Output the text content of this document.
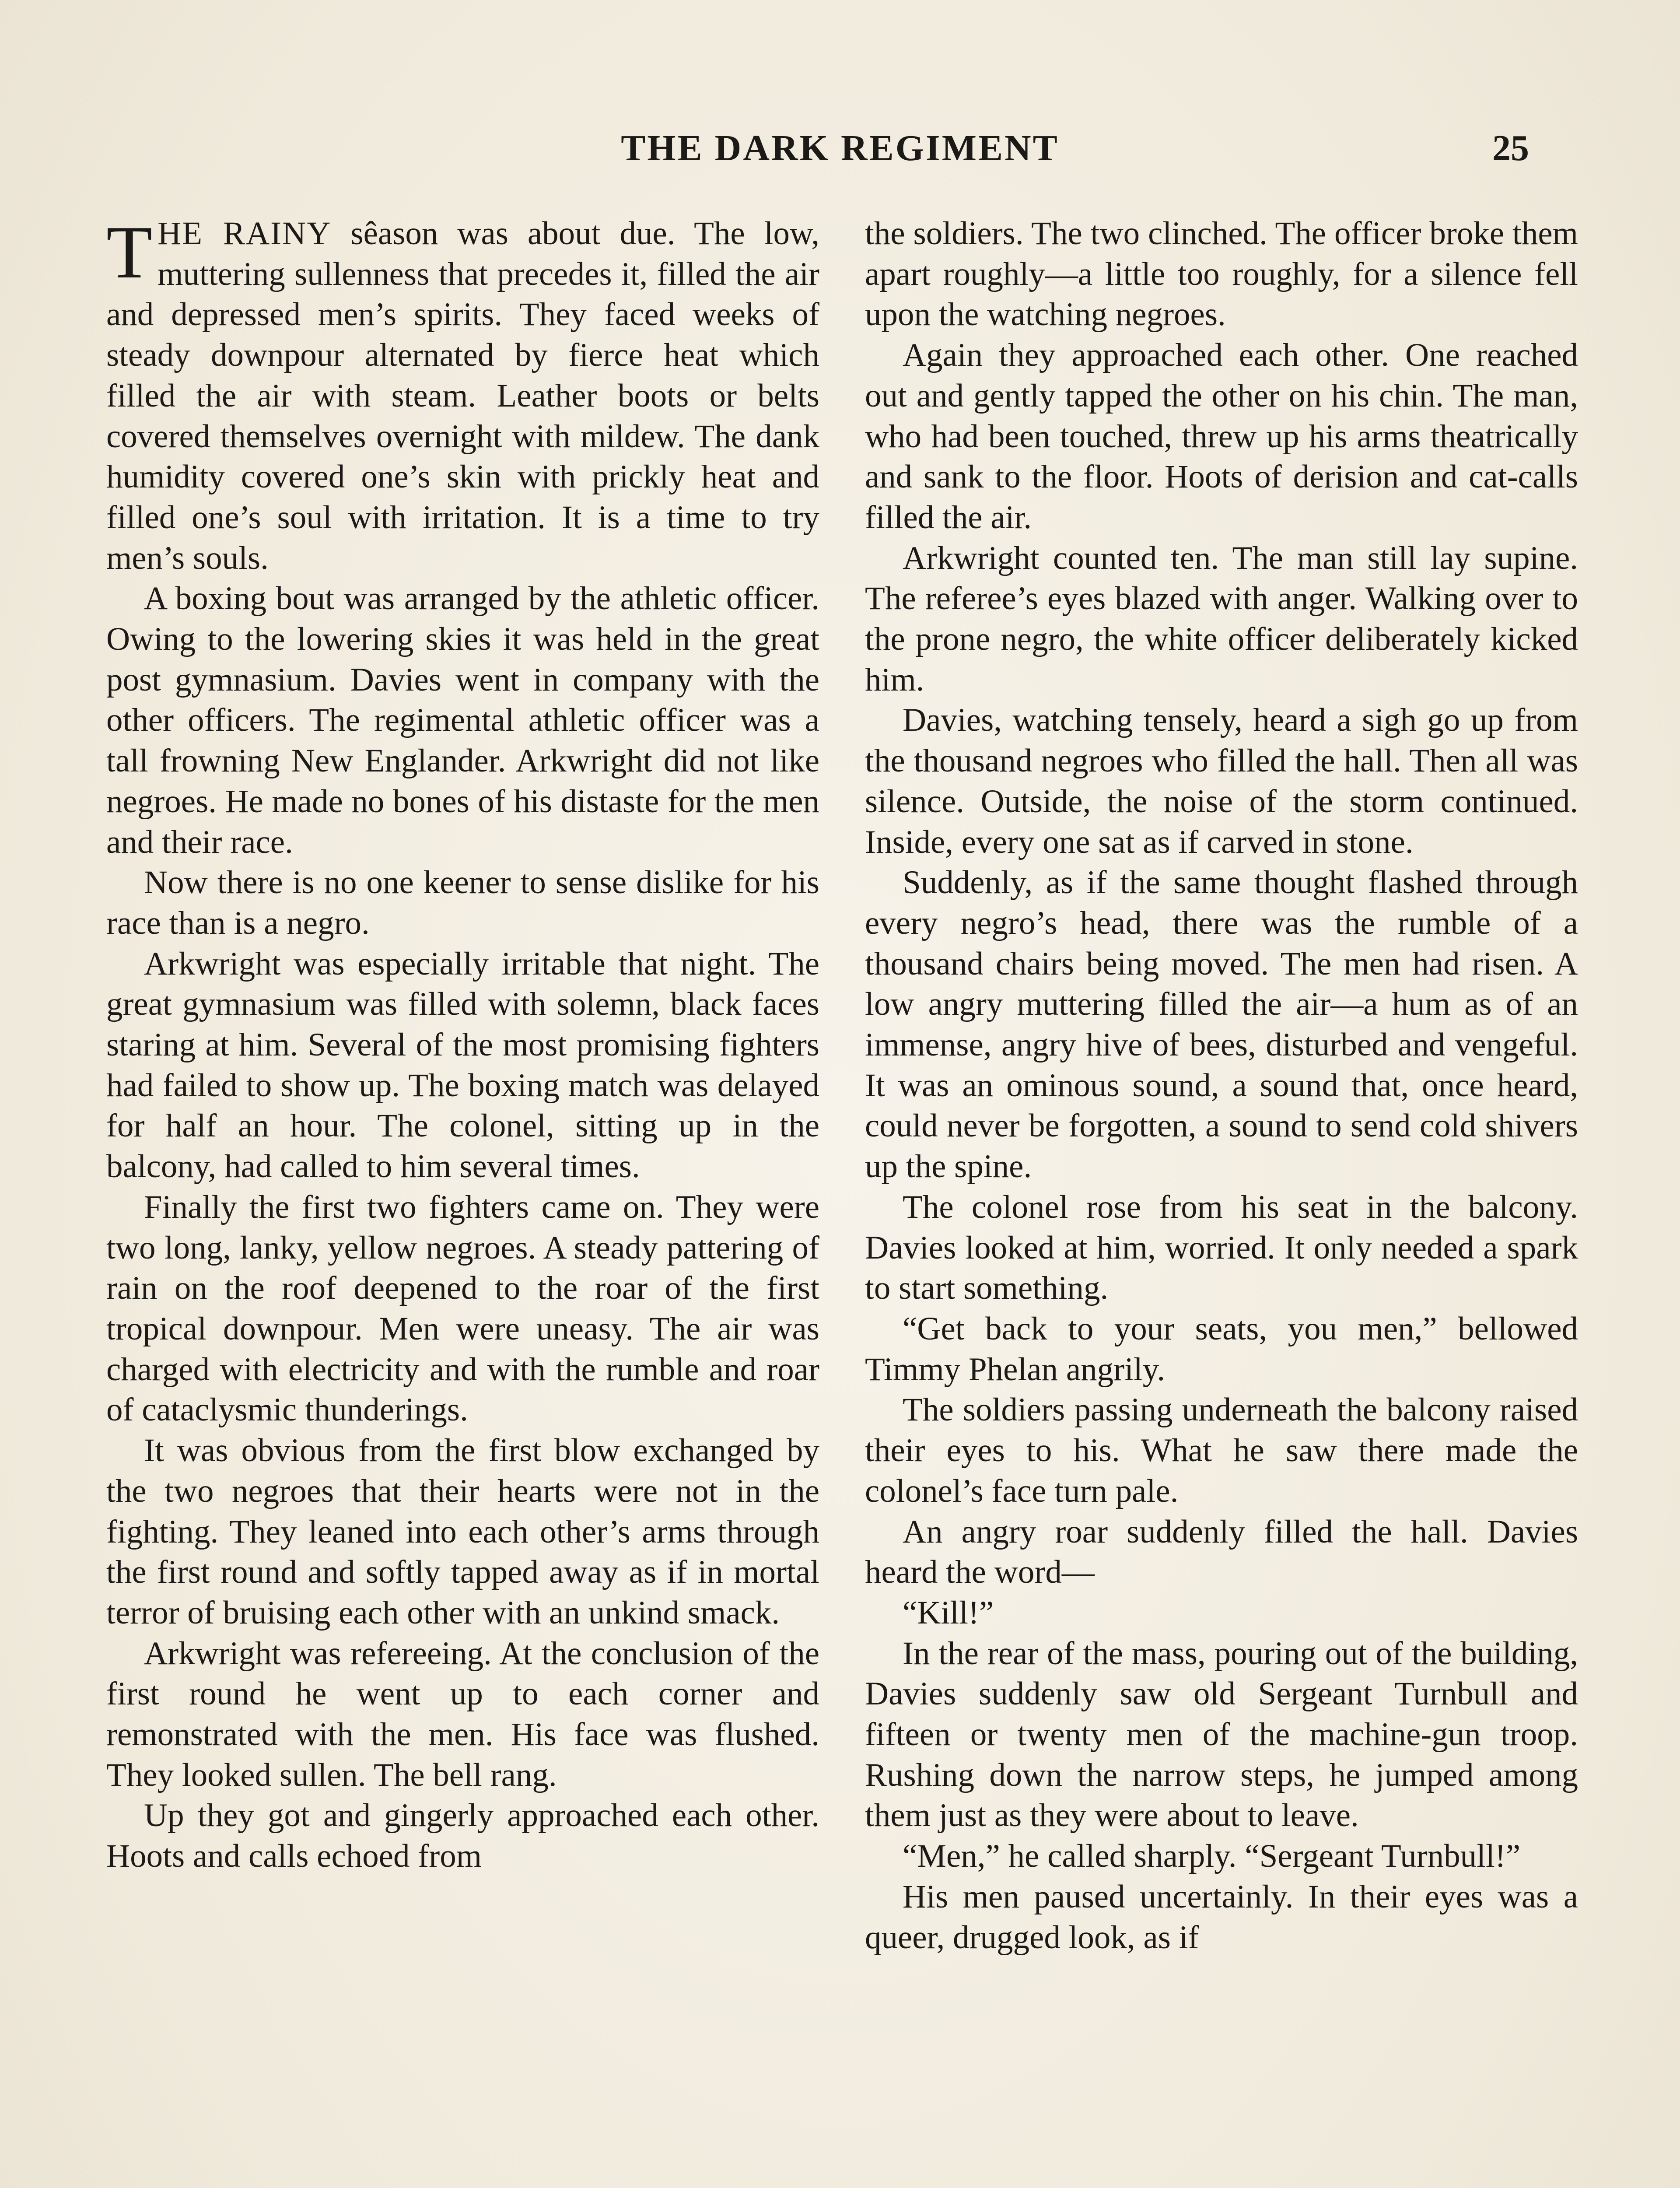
THE DARK REGIMENT	25

THE RAINY sêason was about due. The low, muttering sullenness that precedes it, filled the air and depressed men’s spirits. They faced weeks of steady downpour alternated by fierce heat which filled the air with steam. Leather boots or belts covered themselves overnight with mildew. The dank humidity covered one’s skin with prickly heat and filled one’s soul with irritation. It is a time to try men’s souls.

A boxing bout was arranged by the athletic officer. Owing to the lowering skies it was held in the great post gymnasium. Davies went in company with the other officers. The regimental athletic officer was a tall frowning New Englander. Arkwright did not like negroes. He made no bones of his distaste for the men and their race.

Now there is no one keener to sense dislike for his race than is a negro.

Arkwright was especially irritable that night. The great gymnasium was filled with solemn, black faces staring at him. Several of the most promising fighters had failed to show up. The boxing match was delayed for half an hour. The colonel, sitting up in the balcony, had called to him several times.

Finally the first two fighters came on. They were two long, lanky, yellow negroes. A steady pattering of rain on the roof deepened to the roar of the first tropical downpour. Men were uneasy. The air was charged with electricity and with the rumble and roar of cataclysmic thunderings.

It was obvious from the first blow exchanged by the two negroes that their hearts were not in the fighting. They leaned into each other’s arms through the first round and softly tapped away as if in mortal terror of bruising each other with an unkind smack.

Arkwright was refereeing. At the conclusion of the first round he went up to each corner and remonstrated with the men. His face was flushed. They looked sullen. The bell rang.

Up they got and gingerly approached each other. Hoots and calls echoed from

the soldiers. The two clinched. The officer broke them apart roughly—a little too roughly, for a silence fell upon the watching negroes.

Again they approached each other. One reached out and gently tapped the other on his chin. The man, who had been touched, threw up his arms theatrically and sank to the floor. Hoots of derision and cat-calls filled the air.

Arkwright counted ten. The man still lay supine. The referee’s eyes blazed with anger. Walking over to the prone negro, the white officer deliberately kicked him.

Davies, watching tensely, heard a sigh go up from the thousand negroes who filled the hall. Then all was silence. Outside, the noise of the storm continued. Inside, every one sat as if carved in stone.

Suddenly, as if the same thought flashed through every negro’s head, there was the rumble of a thousand chairs being moved. The men had risen. A low angry muttering filled the air—a hum as of an immense, angry hive of bees, disturbed and vengeful. It was an ominous sound, a sound that, once heard, could never be forgotten, a sound to send cold shivers up the spine.

The colonel rose from his seat in the balcony. Davies looked at him, worried. It only needed a spark to start something.

“Get back to your seats, you men,” bellowed Timmy Phelan angrily.

The soldiers passing underneath the balcony raised their eyes to his. What he saw there made the colonel’s face turn pale.

An angry roar suddenly filled the hall. Davies heard the word—

“Kill!”

In the rear of the mass, pouring out of the building, Davies suddenly saw old Sergeant Turnbull and fifteen or twenty men of the machine-gun troop. Rushing down the narrow steps, he jumped among them just as they were about to leave.

“Men,” he called sharply. “Sergeant Turnbull!”

His men paused uncertainly. In their eyes was a queer, drugged look, as if
